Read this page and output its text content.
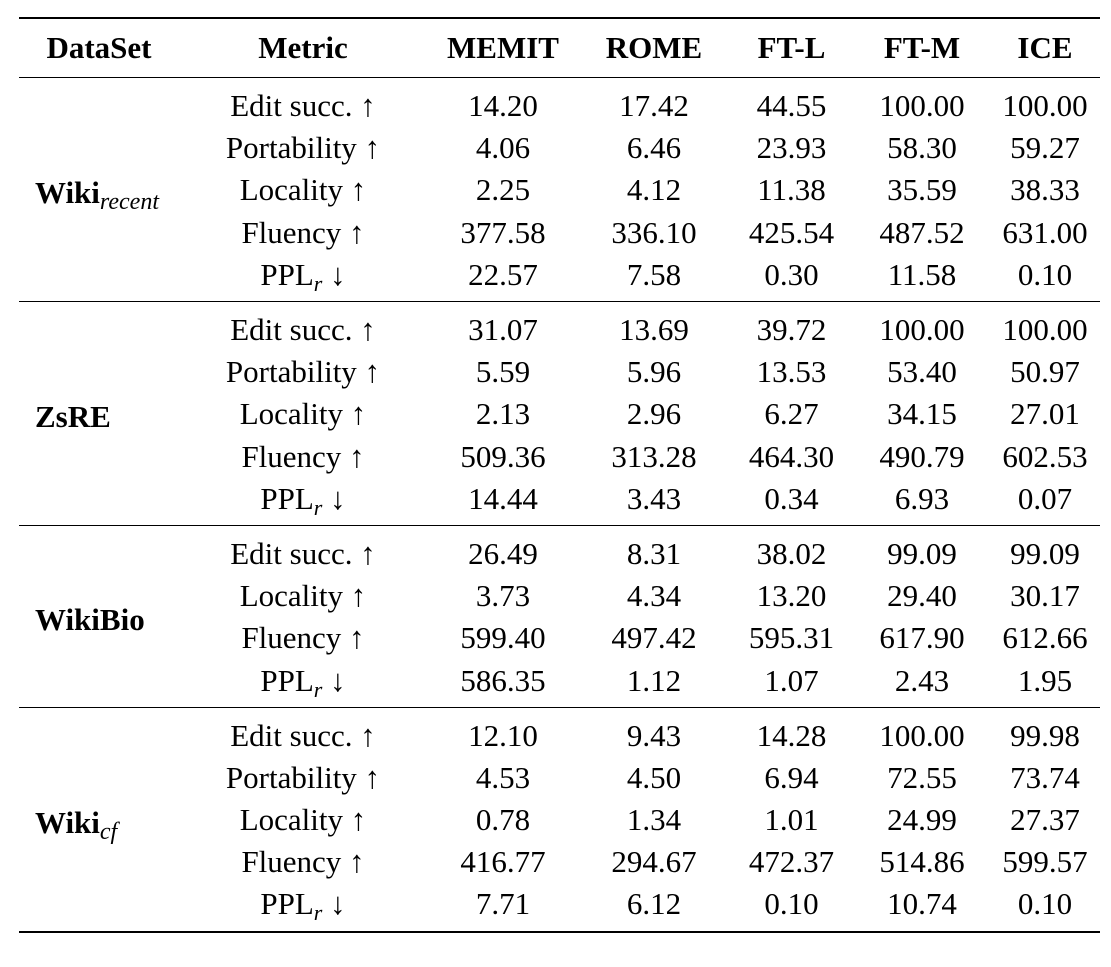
DataSet	Metric	MEMIT	ROME	FT-L	FT-M	ICE
Wiki$_{recent}$	Edit succ. ↑	14.20	17.42	44.55	100.00	100.00
	Portability ↑	4.06	6.46	23.93	58.30	59.27
	Locality ↑	2.25	4.12	11.38	35.59	38.33
	Fluency ↑	377.58	336.10	425.54	487.52	631.00
	$PPL_r$ ↓	22.57	7.58	0.30	11.58	0.10
ZsRE	Edit succ. ↑	31.07	13.69	39.72	100.00	100.00
	Portability ↑	5.59	5.96	13.53	53.40	50.97
	Locality ↑	2.13	2.96	6.27	34.15	27.01
	Fluency ↑	509.36	313.28	464.30	490.79	602.53
	$PPL_r$ ↓	14.44	3.43	0.34	6.93	0.07
WikiBio	Edit succ. ↑	26.49	8.31	38.02	99.09	99.09
	Locality ↑	3.73	4.34	13.20	29.40	30.17
	Fluency ↑	599.40	497.42	595.31	617.90	612.66
	$PPL_r$ ↓	586.35	1.12	1.07	2.43	1.95
Wiki$_{cf}$	Edit succ. ↑	12.10	9.43	14.28	100.00	99.98
	Portability ↑	4.53	4.50	6.94	72.55	73.74
	Locality ↑	0.78	1.34	1.01	24.99	27.37
	Fluency ↑	416.77	294.67	472.37	514.86	599.57
	$PPL_r$ ↓	7.71	6.12	0.10	10.74	0.10
